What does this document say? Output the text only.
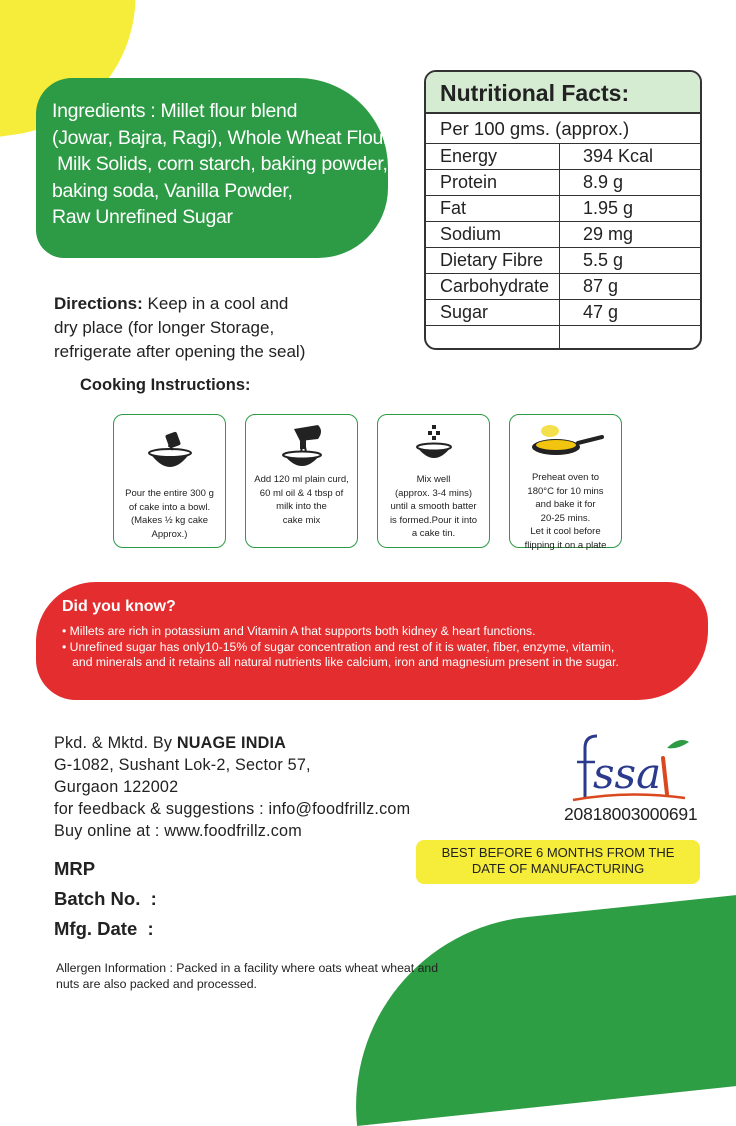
Ingredients : Millet flour blend
(Jowar, Bajra, Ragi), Whole Wheat Flour,
Milk Solids, corn starch, baking powder,
baking soda, Vanilla Powder,
Raw Unrefined Sugar
Nutritional Facts:
Per 100 gms. (approx.)
Energy	394 Kcal
Protein	8.9 g
Fat	1.95 g
Sodium	29 mg
Dietary Fibre	5.5 g
Carbohydrate	87 g
Sugar	47 g
Directions: Keep in a cool and
dry place (for longer Storage,
refrigerate after opening the seal)
Cooking Instructions:
Pour the entire 300 g
of cake into a bowl.
(Makes ½ kg cake
Approx.)
Add 120 ml plain curd,
60 ml oil & 4 tbsp of
milk into the
cake mix
Mix well
(approx. 3-4 mins)
until a smooth batter
is formed.Pour it into
a cake tin.
Preheat oven to
180°C for 10 mins
and bake it for
20-25 mins.
Let it cool before
flipping it on a plate
Did you know?
• Millets are rich in potassium and Vitamin A that supports both kidney & heart functions.
• Unrefined sugar has only10-15% of sugar concentration and rest of it is water, fiber, enzyme, vitamin,
and minerals and it retains all natural nutrients like calcium, iron and magnesium present in the sugar.
Pkd. & Mktd. By NUAGE INDIA
G-1082, Sushant Lok-2, Sector 57,
Gurgaon 122002
for feedback & suggestions : info@foodfrillz.com
Buy online at : www.foodfrillz.com
ssa
20818003000691
BEST BEFORE 6 MONTHS FROM THE
DATE OF MANUFACTURING
MRP
Batch No.  :
Mfg. Date  :
Allergen Information : Packed in a facility where oats wheat wheat and
nuts are also packed and processed.
